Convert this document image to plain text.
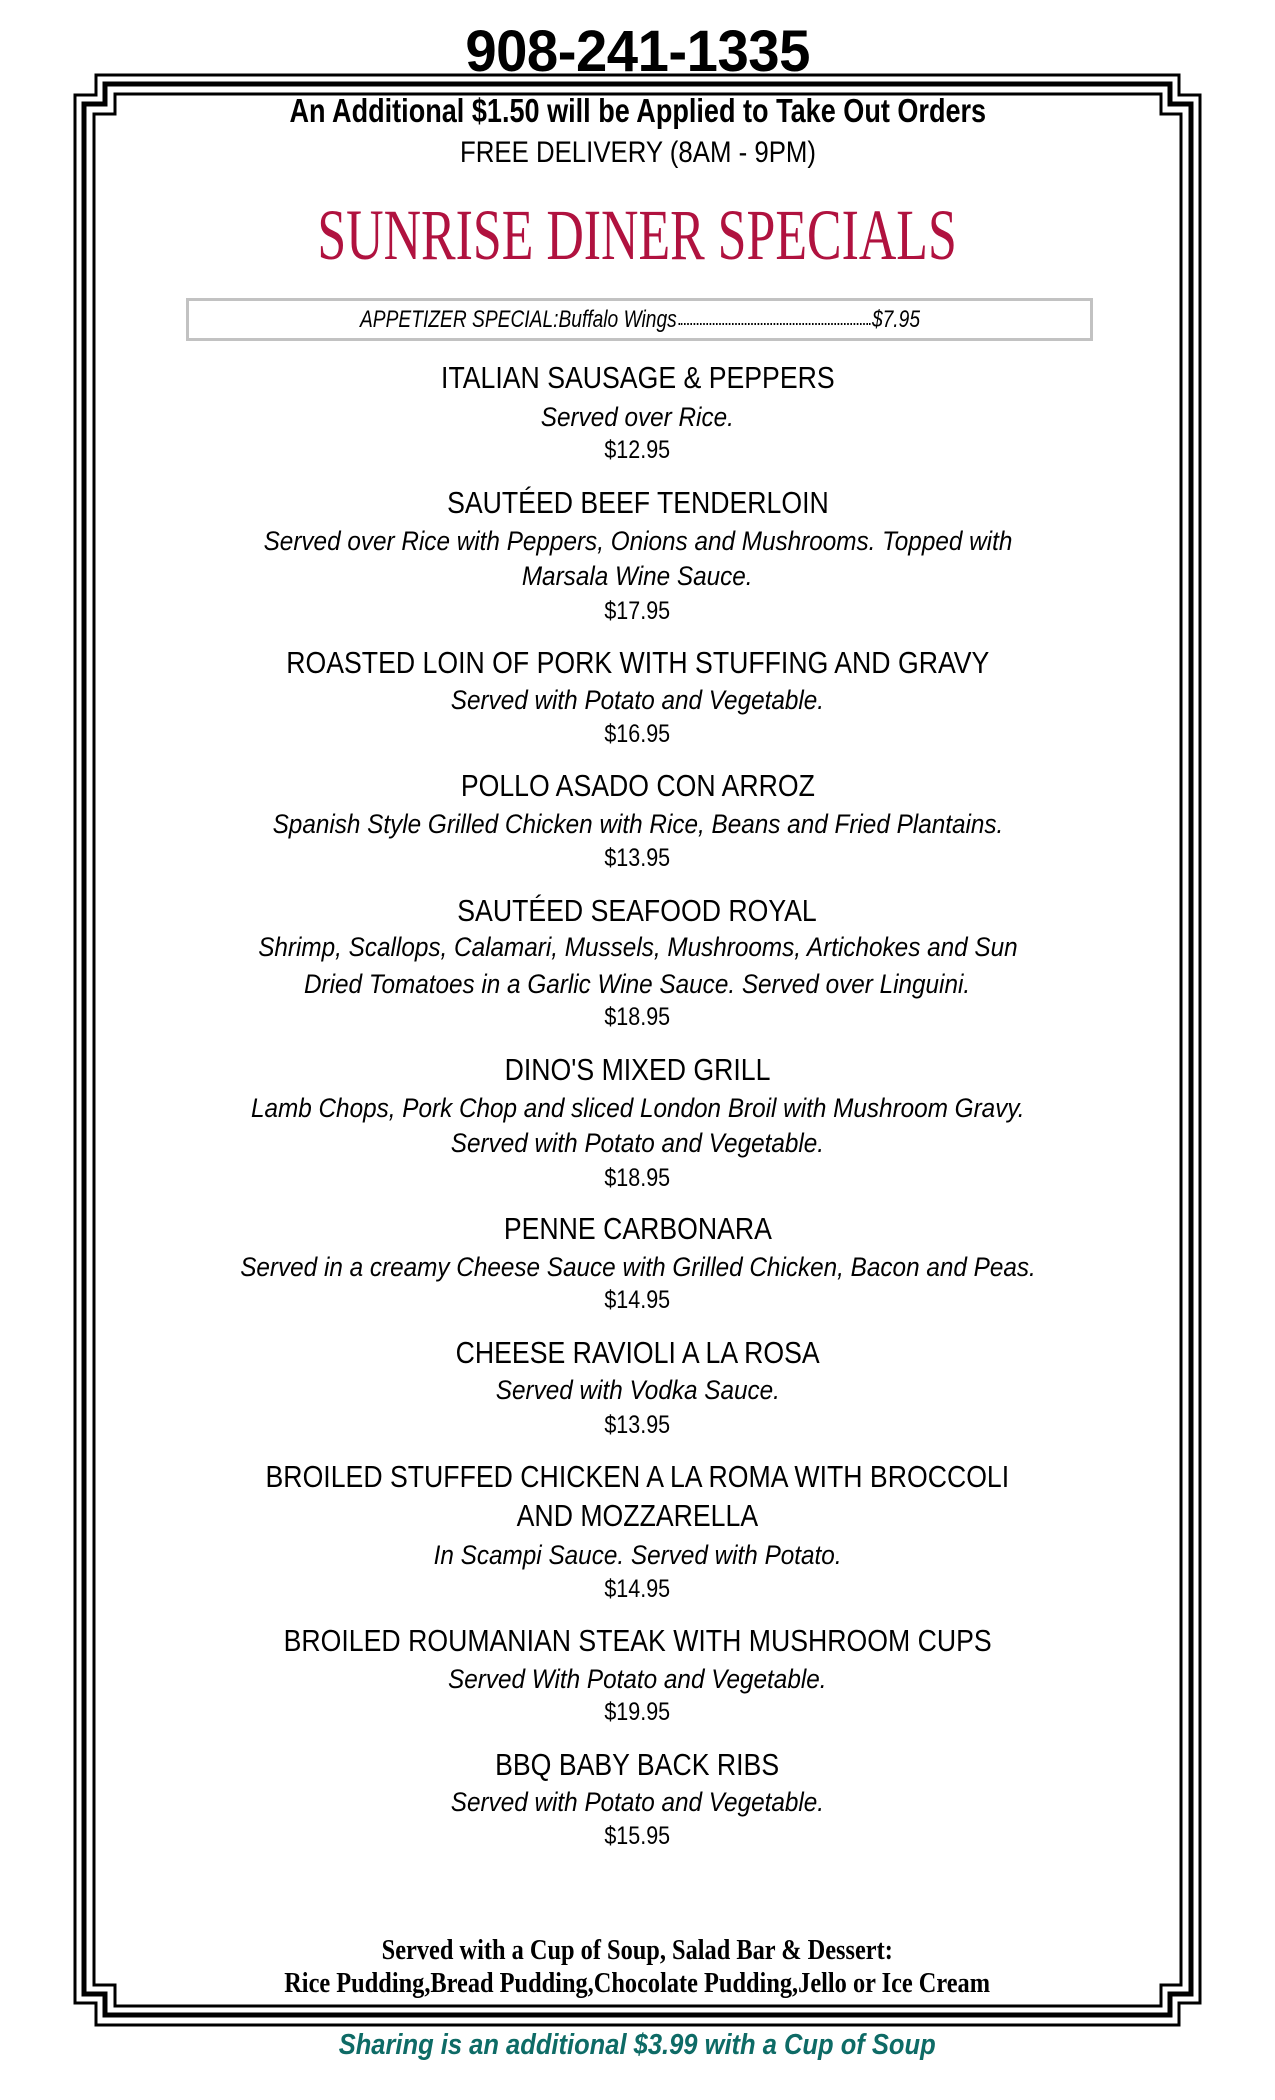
908-241-1335
An Additional $1.50 will be Applied to Take Out Orders
FREE DELIVERY (8AM - 9PM)
SUNRISE DINER SPECIALS
APPETIZER SPECIAL:Buffalo Wings	$7.95
ITALIAN SAUSAGE & PEPPERS
Served over Rice.
$12.95
SAUTÉED BEEF TENDERLOIN
Served over Rice with Peppers, Onions and Mushrooms. Topped with
Marsala Wine Sauce.
$17.95
ROASTED LOIN OF PORK WITH STUFFING AND GRAVY
Served with Potato and Vegetable.
$16.95
POLLO ASADO CON ARROZ
Spanish Style Grilled Chicken with Rice, Beans and Fried Plantains.
$13.95
SAUTÉED SEAFOOD ROYAL
Shrimp, Scallops, Calamari, Mussels, Mushrooms, Artichokes and Sun
Dried Tomatoes in a Garlic Wine Sauce. Served over Linguini.
$18.95
DINO'S MIXED GRILL
Lamb Chops, Pork Chop and sliced London Broil with Mushroom Gravy.
Served with Potato and Vegetable.
$18.95
PENNE CARBONARA
Served in a creamy Cheese Sauce with Grilled Chicken, Bacon and Peas.
$14.95
CHEESE RAVIOLI A LA ROSA
Served with Vodka Sauce.
$13.95
BROILED STUFFED CHICKEN A LA ROMA WITH BROCCOLI
AND MOZZARELLA
In Scampi Sauce. Served with Potato.
$14.95
BROILED ROUMANIAN STEAK WITH MUSHROOM CUPS
Served With Potato and Vegetable.
$19.95
BBQ BABY BACK RIBS
Served with Potato and Vegetable.
$15.95
Served with a Cup of Soup, Salad Bar & Dessert:
Rice Pudding,Bread Pudding,Chocolate Pudding,Jello or Ice Cream
Sharing is an additional $3.99 with a Cup of Soup
